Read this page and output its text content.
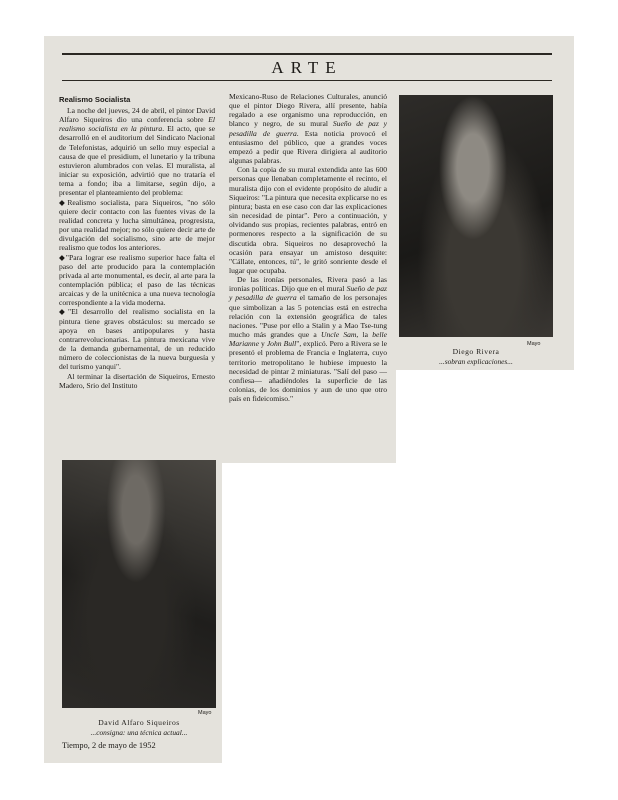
ARTE
Realismo Socialista

La noche del jueves, 24 de abril, el pintor David Alfaro Siqueiros dio una conferencia sobre El realismo socialista en la pintura. El acto, que se desarrolló en el auditorium del Sindicato Nacional de Telefonistas, adquirió un sello muy especial a causa de que el presidium, el lunetario y la tribuna estuvieron alumbrados con velas. El muralista, al iniciar su exposición, advirtió que no trataría el tema a fondo; iba a limitarse, según dijo, a presentar el planteamiento del problema:

◆Realismo socialista, para Siqueiros, "no sólo quiere decir contacto con las fuentes vivas de la realidad concreta y lucha simultánea, progresista, por una realidad mejor; no sólo quiere decir arte de divulgación del socialismo, sino arte de mejor realismo que todos los anteriores.

◆"Para lograr ese realismo superior hace falta el paso del arte producido para la contemplación privada al arte monumental, es decir, al arte para la contemplación pública; el paso de las técnicas arcaicas y de la unitécnica a una nueva tecnología correspondiente a la vida moderna.

◆"El desarrollo del realismo socialista en la pintura tiene graves obstáculos: su mercado se apoya en bases antipopulares y hasta contrarrevolucionarias. La pintura mexicana vive de la demanda gubernamental, de un reducido número de coleccionistas de la nueva burguesía y del turismo yanqui".

Al terminar la disertación de Siqueiros, Ernesto Madero, Srio del Instituto

Mexicano-Ruso de Relaciones Culturales, anunció que el pintor Diego Rivera, allí presente, había regalado a ese organismo una reproducción, en blanco y negro, de su mural Sueño de paz y pesadilla de guerra. Esta noticia provocó el entusiasmo del público, que a grandes voces empezó a pedir que Rivera dirigiera al auditorio algunas palabras.

Con la copia de su mural extendida ante las 600 personas que llenaban completamente el recinto, el muralista dijo con el evidente propósito de aludir a Siqueiros: "La pintura que necesita explicarse no es pintura; basta en ese caso con dar las explicaciones sin necesidad de pintar". Pero a continuación, y olvidando sus propias, recientes palabras, entró en pormenores respecto a la significación de su discutida obra. Siqueiros no desaprovechó la ocasión para ensayar un amistoso desquite: "Cállate, entonces, tú", le gritó sonriente desde el lugar que ocupaba.

De las ironías personales, Rivera pasó a las ironías políticas. Dijo que en el mural Sueño de paz y pesadilla de guerra el tamaño de los personajes que simbolizan a las 5 potencias está en estrecha relación con la extensión geográfica de tales naciones. "Puse por ello a Stalin y a Mao Tse-tung mucho más grandes que a Uncle Sam, la belle Marianne y John Bull", explicó. Pero a Rivera se le presentó el problema de Francia e Inglaterra, cuyo territorio metropolitano le hubiese impuesto la necesidad de pintar 2 miniaturas. "Salí del paso —confiesa— añadiéndoles la superficie de las colonias, de los dominios y aun de uno que otro país en fideicomiso."

Mayo
Diego Rivera
...sobran explicaciones...
Mayo
David Alfaro Siqueiros
...consigna: una técnica actual...
Tiempo, 2 de mayo de 1952
